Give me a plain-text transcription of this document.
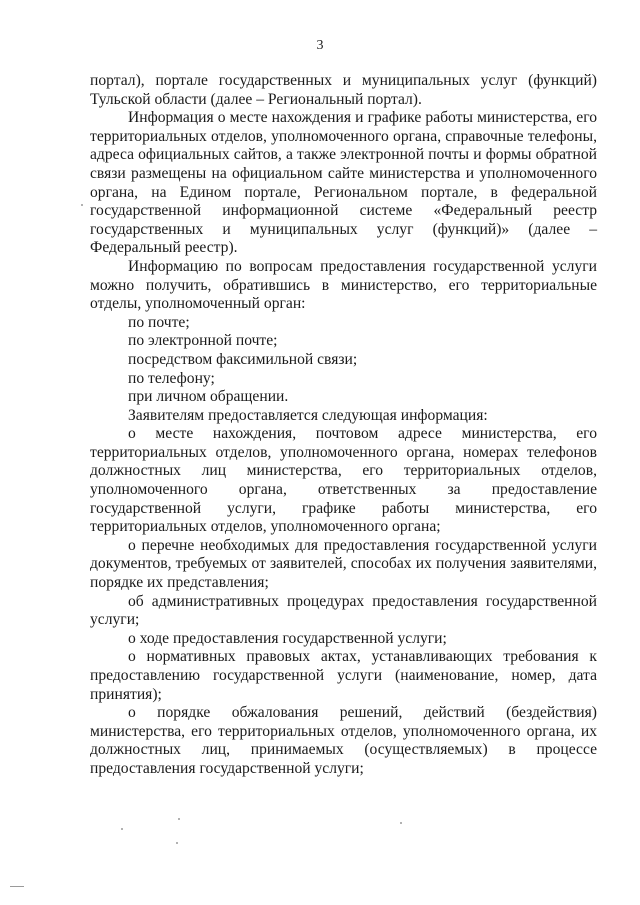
3

портал), портале государственных и муниципальных услуг (функций) Тульской области (далее – Региональный портал).

Информация о месте нахождения и графике работы министерства, его территориальных отделов, уполномоченного органа, справочные телефоны, адреса официальных сайтов, а также электронной почты и формы обратной связи размещены на официальном сайте министерства и уполномоченного органа, на Едином портале, Региональном портале, в федеральной государственной информационной системе «Федеральный реестр государственных и муниципальных услуг (функций)» (далее – Федеральный реестр).

Информацию по вопросам предоставления государственной услуги можно получить, обратившись в министерство, его территориальные отделы, уполномоченный орган:

по почте;

по электронной почте;

посредством факсимильной связи;

по телефону;

при личном обращении.

Заявителям предоставляется следующая информация:

о месте нахождения, почтовом адресе министерства, его территориальных отделов, уполномоченного органа, номерах телефонов должностных лиц министерства, его территориальных отделов, уполномоченного органа, ответственных за предоставление государственной услуги, графике работы министерства, его территориальных отделов, уполномоченного органа;

о перечне необходимых для предоставления государственной услуги документов, требуемых от заявителей, способах их получения заявителями, порядке их представления;

об административных процедурах предоставления государственной услуги;

о ходе предоставления государственной услуги;

о нормативных правовых актах, устанавливающих требования к предоставлению государственной услуги (наименование, номер, дата принятия);

о порядке обжалования решений, действий (бездействия) министерства, его территориальных отделов, уполномоченного органа, их должностных лиц, принимаемых (осуществляемых) в процессе предоставления государственной услуги;
